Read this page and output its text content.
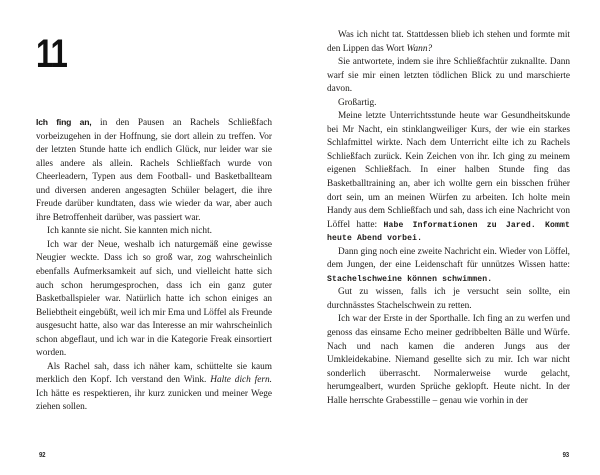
11

Ich fing an, in den Pausen an Rachels Schließfach vorbeizugehen in der Hoffnung, sie dort allein zu treffen. Vor der letzten Stunde hatte ich endlich Glück, nur leider war sie alles andere als allein. Rachels Schließfach wurde von Cheerleadern, Typen aus dem Football- und Basketballteam und diversen anderen angesagten Schüler belagert, die ihre Freude darüber kundtaten, dass wie wieder da war, aber auch ihre Betroffenheit darüber, was passiert war.

Ich kannte sie nicht. Sie kannten mich nicht.

Ich war der Neue, weshalb ich naturgemäß eine gewisse Neugier weckte. Dass ich so groß war, zog wahrscheinlich ebenfalls Aufmerksamkeit auf sich, und vielleicht hatte sich auch schon herumgesprochen, dass ich ein ganz guter Basketballspieler war. Natürlich hatte ich schon einiges an Beliebtheit eingebüßt, weil ich mir Ema und Löffel als Freunde ausgesucht hatte, also war das Interesse an mir wahrscheinlich schon abgeflaut, und ich war in die Kategorie Freak einsortiert worden.

Als Rachel sah, dass ich näher kam, schüttelte sie kaum merklich den Kopf. Ich verstand den Wink. Halte dich fern. Ich hätte es respektieren, ihr kurz zunicken und meiner Wege ziehen sollen.

92

Was ich nicht tat. Stattdessen blieb ich stehen und formte mit den Lippen das Wort Wann?

Sie antwortete, indem sie ihre Schließfachtür zuknallte. Dann warf sie mir einen letzten tödlichen Blick zu und marschierte davon.

Großartig.

Meine letzte Unterrichtsstunde heute war Gesundheitskunde bei Mr Nacht, ein stinklangweiliger Kurs, der wie ein starkes Schlafmittel wirkte. Nach dem Unterricht eilte ich zu Rachels Schließfach zurück. Kein Zeichen von ihr. Ich ging zu meinem eigenen Schließfach. In einer halben Stunde fing das Basketballtraining an, aber ich wollte gern ein bisschen früher dort sein, um an meinen Würfen zu arbeiten. Ich holte mein Handy aus dem Schließfach und sah, dass ich eine Nachricht von Löffel hatte: Habe Informationen zu Jared. Kommt heute Abend vorbei.

Dann ging noch eine zweite Nachricht ein. Wieder von Löffel, dem Jungen, der eine Leidenschaft für unnützes Wissen hatte: Stachelschweine können schwimmen.

Gut zu wissen, falls ich je versucht sein sollte, ein durchnässtes Stachelschwein zu retten.

Ich war der Erste in der Sporthalle. Ich fing an zu werfen und genoss das einsame Echo meiner gedribbelten Bälle und Würfe. Nach und nach kamen die anderen Jungs aus der Umkleidekabine. Niemand gesellte sich zu mir. Ich war nicht sonderlich überrascht. Normalerweise wurde gelacht, herumgealbert, wurden Sprüche geklopft. Heute nicht. In der Halle herrschte Grabesstille – genau wie vorhin in der

93
